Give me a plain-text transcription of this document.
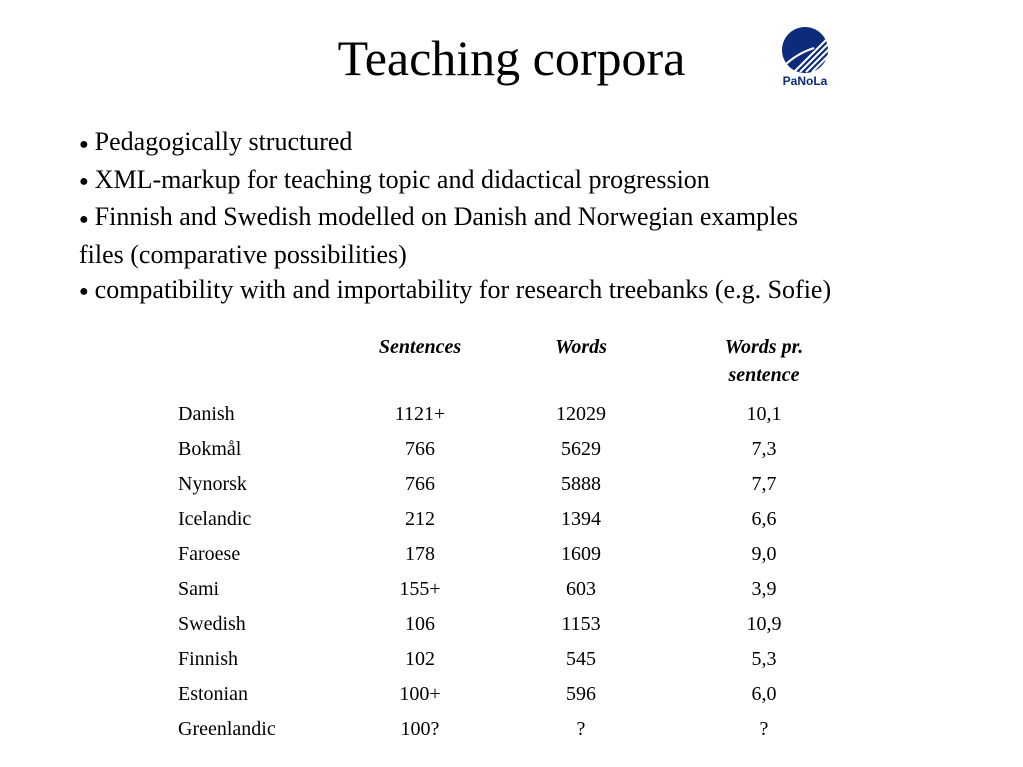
Teaching corpora	PaNoLa
● Pedagogically structured
● XML-markup for teaching topic and didactical progression
● Finnish and Swedish modelled on Danish and Norwegian examples
files (comparative possibilities)
● compatibility with and importability for research treebanks (e.g. Sofie)
	Sentences	Words	Words pr.
sentence
Danish	1121+	12029	10,1
Bokmål	766	5629	7,3
Nynorsk	766	5888	7,7
Icelandic	212	1394	6,6
Faroese	178	1609	9,0
Sami	155+	603	3,9
Swedish	106	1153	10,9
Finnish	102	545	5,3
Estonian	100+	596	6,0
Greenlandic	100?	?	?
